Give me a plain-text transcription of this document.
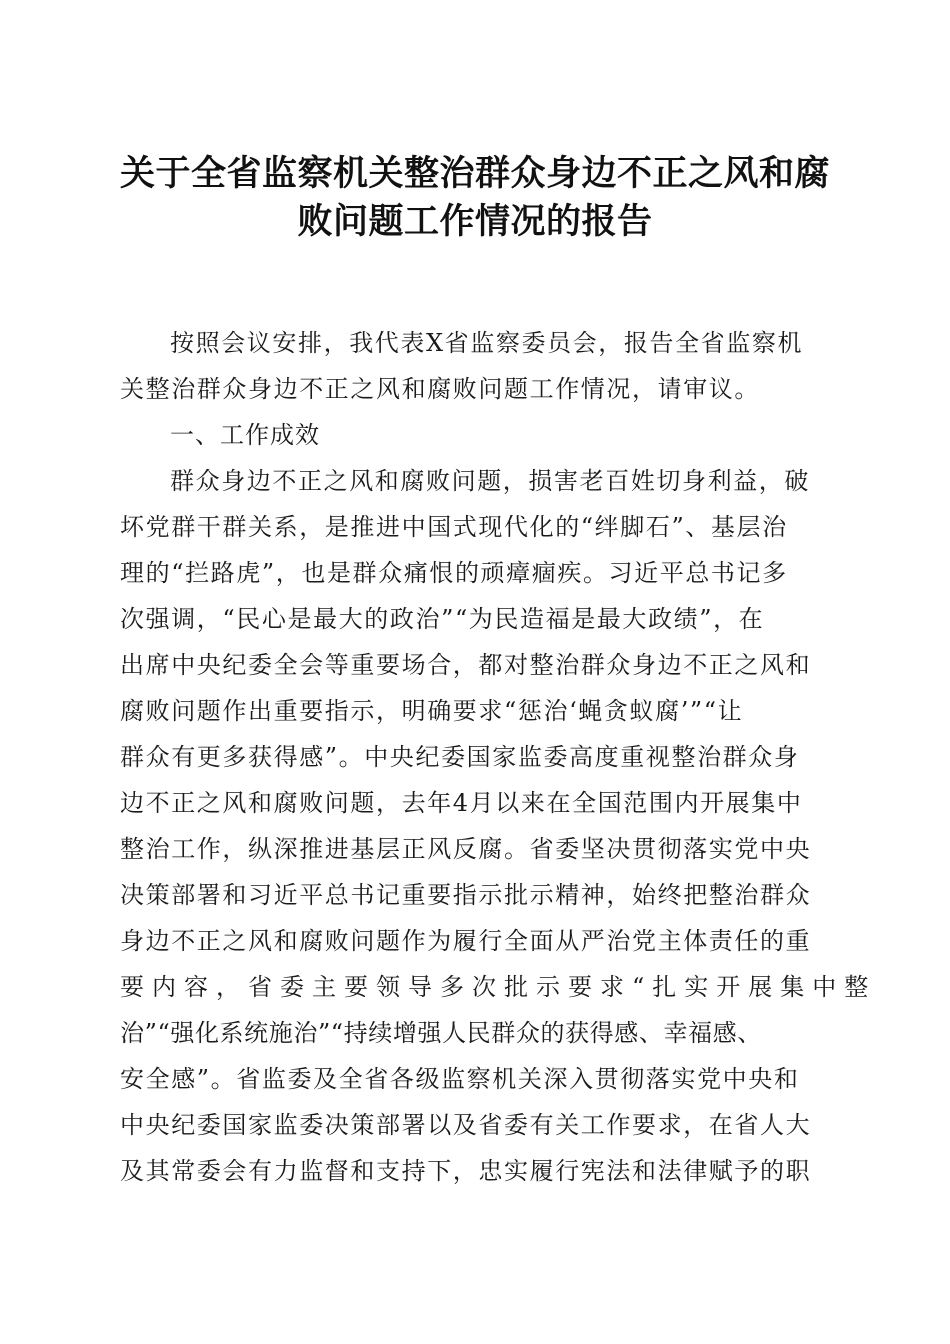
关于全省监察机关整治群众身边不正之风和腐
败问题工作情况的报告
按照会议安排，我代表X省监察委员会，报告全省监察机
关整治群众身边不正之风和腐败问题工作情况，请审议。
一、工作成效
群众身边不正之风和腐败问题，损害老百姓切身利益，破
坏党群干群关系，是推进中国式现代化的“绊脚石”、基层治
理的“拦路虎”，也是群众痛恨的顽瘴痼疾。习近平总书记多
次强调，“民心是最大的政治”“为民造福是最大政绩”，在
出席中央纪委全会等重要场合，都对整治群众身边不正之风和
腐败问题作出重要指示，明确要求“惩治‘蝇贪蚁腐’”“让
群众有更多获得感”。中央纪委国家监委高度重视整治群众身
边不正之风和腐败问题，去年4月以来在全国范围内开展集中
整治工作，纵深推进基层正风反腐。省委坚决贯彻落实党中央
决策部署和习近平总书记重要指示批示精神，始终把整治群众
身边不正之风和腐败问题作为履行全面从严治党主体责任的重
要内容，省委主要领导多次批示要求“扎实开展集中整
治”“强化系统施治”“持续增强人民群众的获得感、幸福感、
安全感”。省监委及全省各级监察机关深入贯彻落实党中央和
中央纪委国家监委决策部署以及省委有关工作要求，在省人大
及其常委会有力监督和支持下，忠实履行宪法和法律赋予的职
